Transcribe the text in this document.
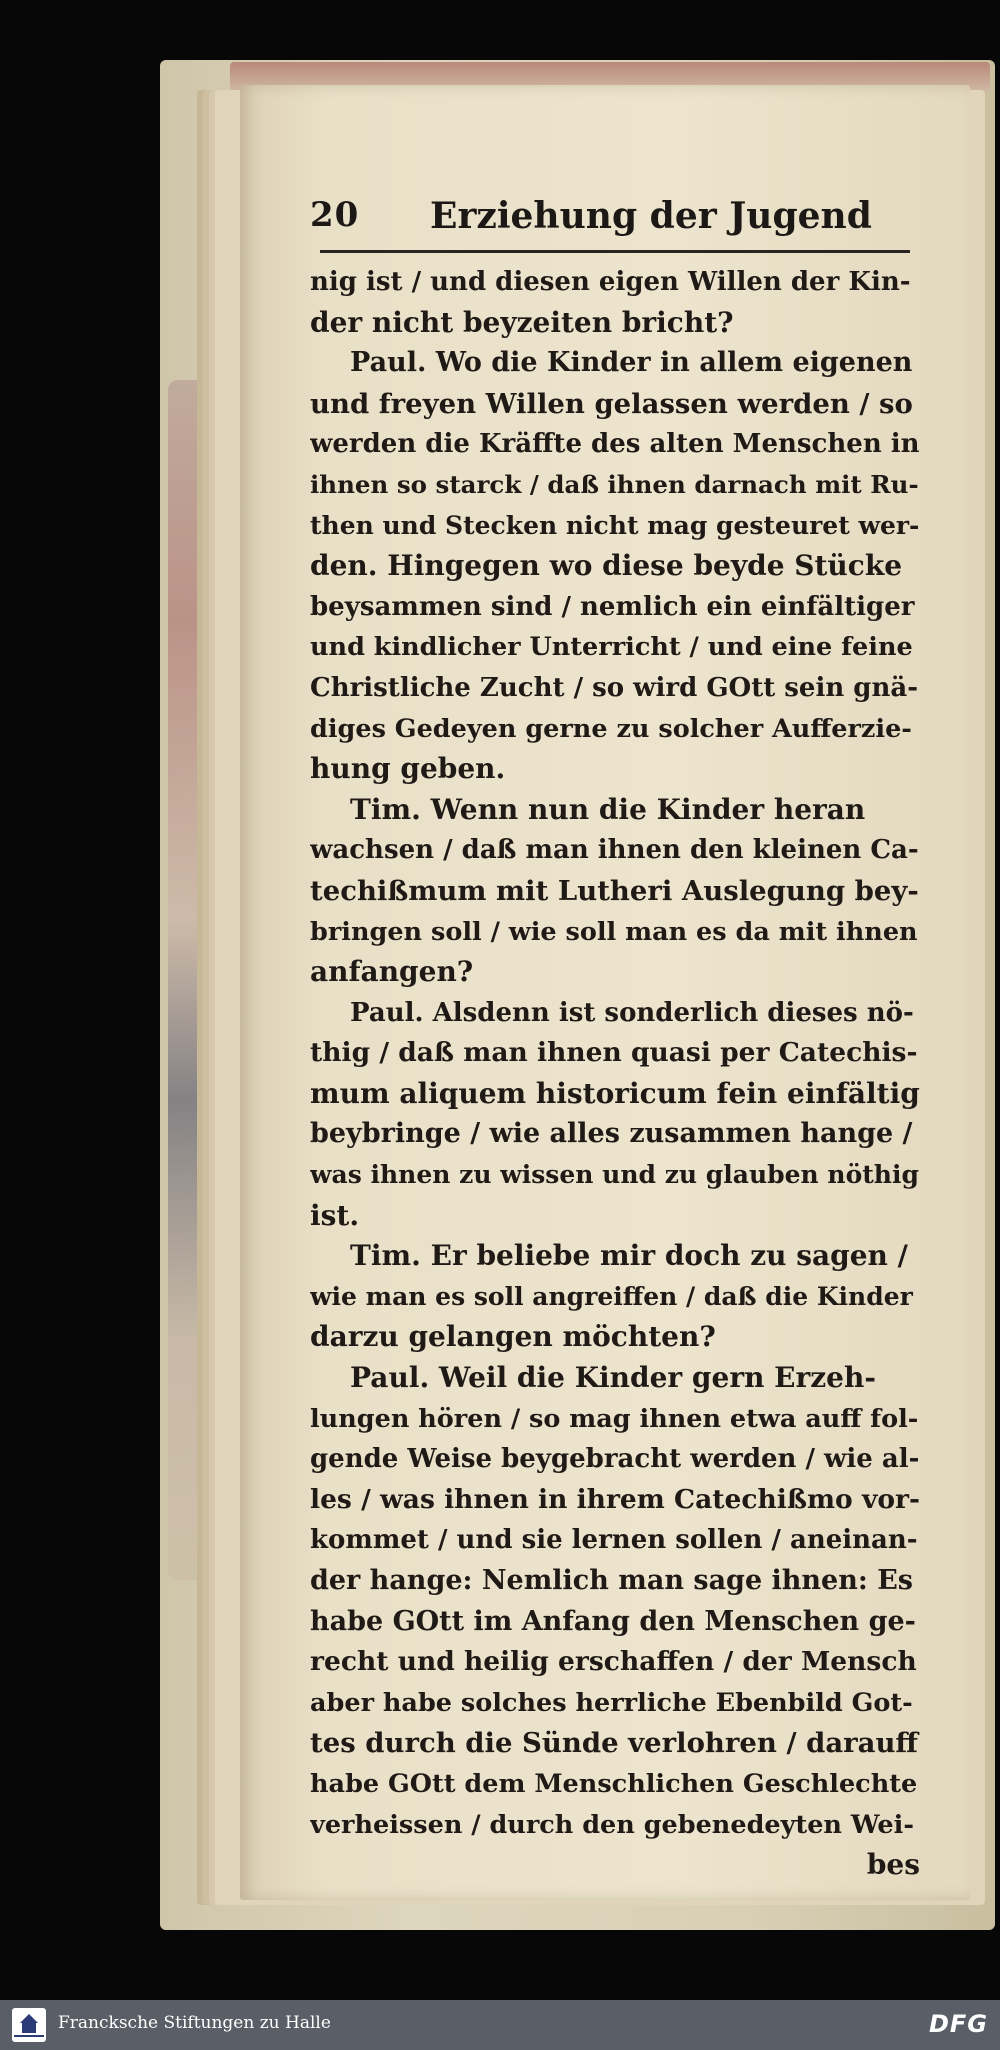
20 Erziehung der Jugend
nig ist / und diesen eigen Willen der Kin-
der nicht beyzeiten bricht?
Paul. Wo die Kinder in allem eigenen
und freyen Willen gelassen werden / so
werden die Kräffte des alten Menschen in
ihnen so starck / daß ihnen darnach mit Ru-
then und Stecken nicht mag gesteuret wer-
den. Hingegen wo diese beyde Stücke
beysammen sind / nemlich ein einfältiger
und kindlicher Unterricht / und eine feine
Christliche Zucht / so wird GOtt sein gnä-
diges Gedeyen gerne zu solcher Aufferzie-
hung geben.
Tim. Wenn nun die Kinder heran
wachsen / daß man ihnen den kleinen Ca-
techißmum mit Lutheri Auslegung bey-
bringen soll / wie soll man es da mit ihnen
anfangen?
Paul. Alsdenn ist sonderlich dieses nö-
thig / daß man ihnen quasi per Catechis-
mum aliquem historicum fein einfältig
beybringe / wie alles zusammen hange /
was ihnen zu wissen und zu glauben nöthig
ist.
Tim. Er beliebe mir doch zu sagen /
wie man es soll angreiffen / daß die Kinder
darzu gelangen möchten?
Paul. Weil die Kinder gern Erzeh-
lungen hören / so mag ihnen etwa auff fol-
gende Weise beygebracht werden / wie al-
les / was ihnen in ihrem Catechißmo vor-
kommet / und sie lernen sollen / aneinan-
der hange: Nemlich man sage ihnen: Es
habe GOtt im Anfang den Menschen ge-
recht und heilig erschaffen / der Mensch
aber habe solches herrliche Ebenbild Got-
tes durch die Sünde verlohren / darauff
habe GOtt dem Menschlichen Geschlechte
verheissen / durch den gebenedeyten Wei-
bes
Francksche Stiftungen zu Halle	DFG
